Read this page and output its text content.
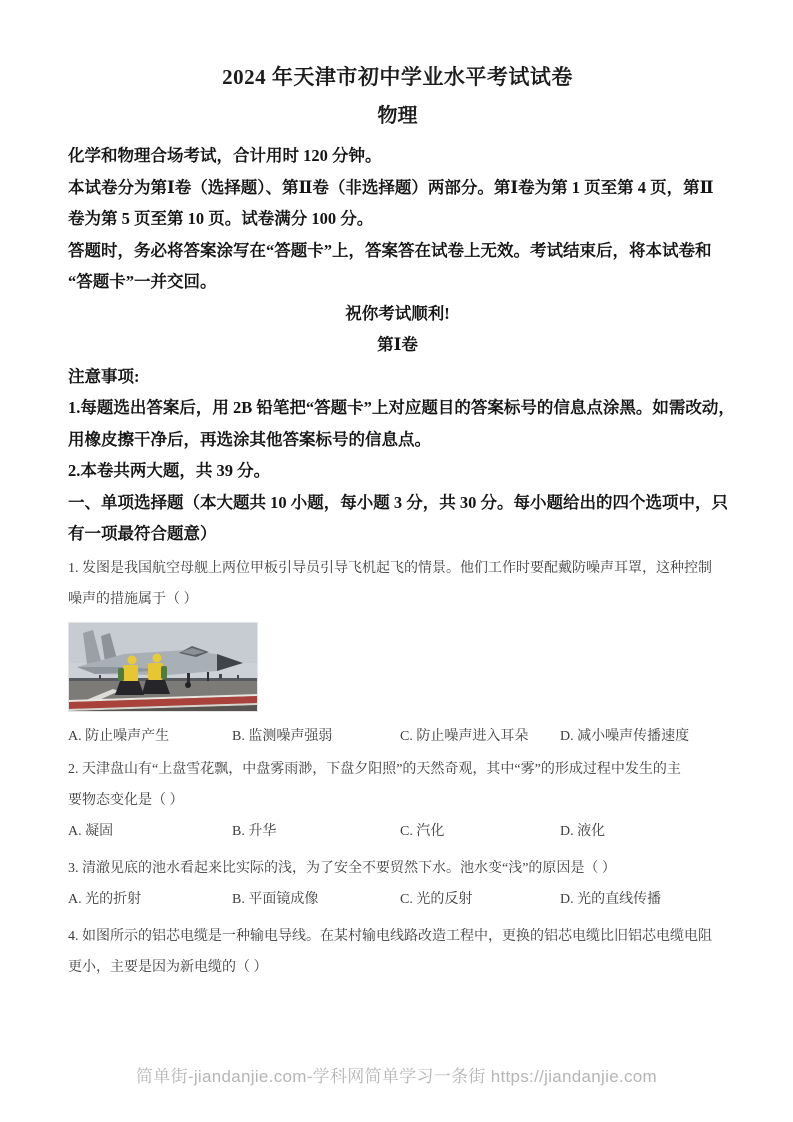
2024 年天津市初中学业水平考试试卷
物理
化学和物理合场考试，合计用时 120 分钟。
本试卷分为第Ⅰ卷（选择题）、第Ⅱ卷（非选择题）两部分。第Ⅰ卷为第 1 页至第 4 页，第Ⅱ
卷为第 5 页至第 10 页。试卷满分 100 分。
答题时，务必将答案涂写在“答题卡”上，答案答在试卷上无效。考试结束后，将本试卷和
“答题卡”一并交回。
祝你考试顺利!
第Ⅰ卷
注意事项:
1.每题选出答案后，用 2B 铅笔把“答题卡”上对应题目的答案标号的信息点涂黑。如需改动，
用橡皮擦干净后，再选涂其他答案标号的信息点。
2.本卷共两大题，共 39 分。
一、单项选择题（本大题共 10 小题，每小题 3 分，共 30 分。每小题给出的四个选项中，只
有一项最符合题意）
1. 发图是我国航空母舰上两位甲板引导员引导飞机起飞的情景。他们工作时要配戴防噪声耳罩，这种控制
噪声的措施属于（ ）
A. 防止噪声产生	B. 监测噪声强弱	C. 防止噪声进入耳朵	D. 减小噪声传播速度
2. 天津盘山有“上盘雪花飘，中盘雾雨渺，下盘夕阳照”的天然奇观，其中“雾”的形成过程中发生的主
要物态变化是（ ）
A. 凝固	B. 升华	C. 汽化	D. 液化
3. 清澈见底的池水看起来比实际的浅，为了安全不要贸然下水。池水变“浅”的原因是（ ）
A. 光的折射	B. 平面镜成像	C. 光的反射	D. 光的直线传播
4. 如图所示的铝芯电缆是一种输电导线。在某村输电线路改造工程中，更换的铝芯电缆比旧铝芯电缆电阻
更小，主要是因为新电缆的（ ）
简单街-jiandanjie.com-学科网简单学习一条街 https://jiandanjie.com
